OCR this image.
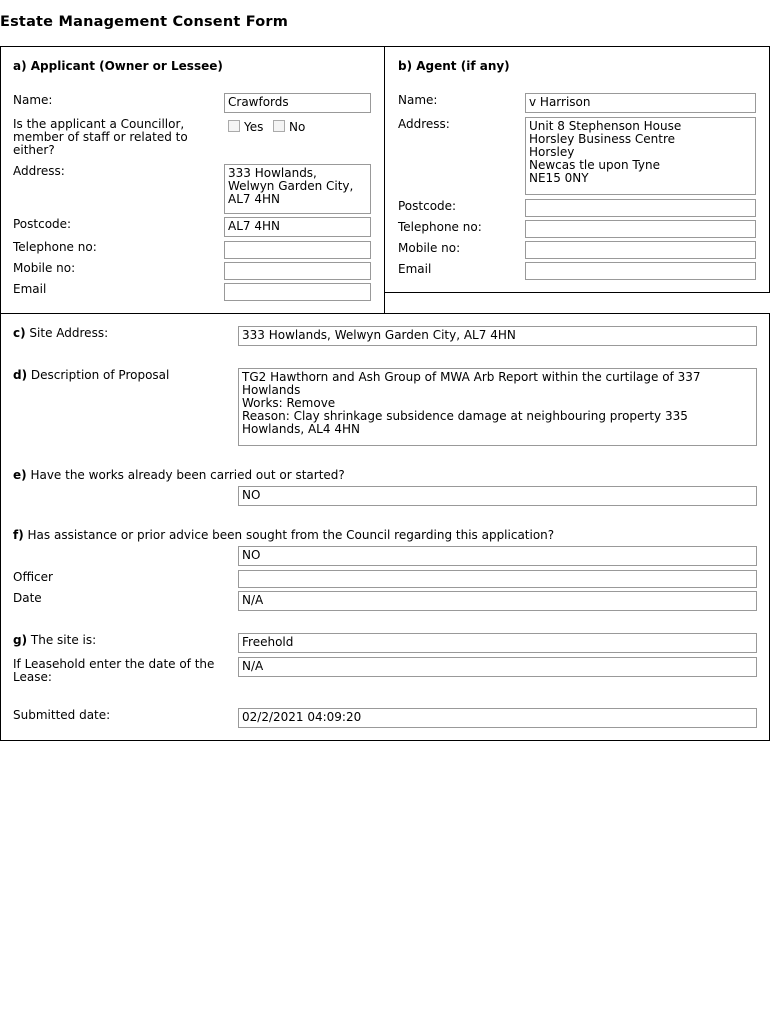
Estate Management Consent Form
a) Applicant (Owner or Lessee)
Name:	Crawfords
Is the applicant a Councillor, member of staff or related to either?
Yes	No
Address:	333 Howlands,
Welwyn Garden City,
AL7 4HN
Postcode:	AL7 4HN
Telephone no:
Mobile no:
Email
b) Agent (if any)
Name:	v Harrison
Address:	Unit 8 Stephenson House
Horsley Business Centre
Horsley
Newcas tle upon Tyne
NE15 0NY
Postcode:
Telephone no:
Mobile no:
Email
c) Site Address:	333 Howlands, Welwyn Garden City, AL7 4HN
d) Description of Proposal	TG2 Hawthorn and Ash Group of MWA Arb Report within the curtilage of 337 Howlands
Works: Remove
Reason: Clay shrinkage subsidence damage at neighbouring property 335 Howlands, AL4 4HN
e) Have the works already been carried out or started?
NO
f) Has assistance or prior advice been sought from the Council regarding this application?
NO
Officer
Date	N/A
g) The site is:	Freehold
If Leasehold enter the date of the Lease:
N/A
Submitted date:	02/2/2021 04:09:20
